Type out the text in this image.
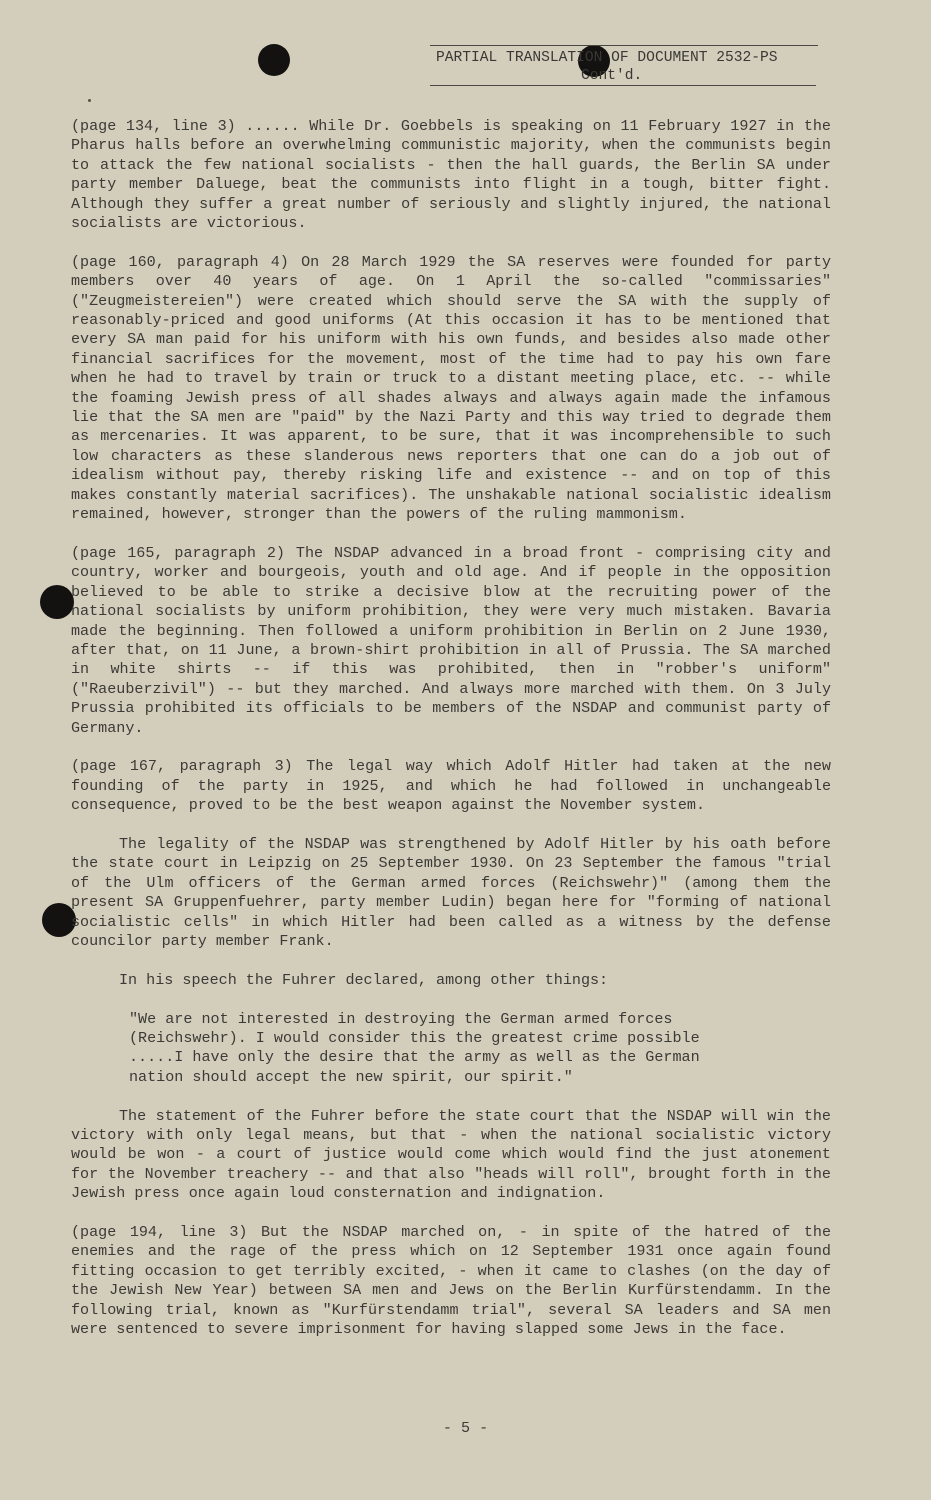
PARTIAL TRANSLATION OF DOCUMENT 2532-PS
Cont'd.

(page 134, line 3) ...... While Dr. Goebbels is speaking on 11 February 1927 in the Pharus halls before an overwhelming communistic majority, when the communists begin to attack the few national socialists - then the hall guards, the Berlin SA under party member Daluege, beat the communists into flight in a tough, bitter fight. Although they suffer a great number of seriously and slightly injured, the national socialists are victorious.

(page 160, paragraph 4) On 28 March 1929 the SA reserves were founded for party members over 40 years of age. On 1 April the so-called "commissaries" ("Zeugmeistereien") were created which should serve the SA with the supply of reasonably-priced and good uniforms (At this occasion it has to be mentioned that every SA man paid for his uniform with his own funds, and besides also made other financial sacrifices for the movement, most of the time had to pay his own fare when he had to travel by train or truck to a distant meeting place, etc. -- while the foaming Jewish press of all shades always and always again made the infamous lie that the SA men are "paid" by the Nazi Party and this way tried to degrade them as mercenaries. It was apparent, to be sure, that it was incomprehensible to such low characters as these slanderous news reporters that one can do a job out of idealism without pay, thereby risking life and existence -- and on top of this makes constantly material sacrifices). The unshakable national socialistic idealism remained, however, stronger than the powers of the ruling mammonism.

(page 165, paragraph 2) The NSDAP advanced in a broad front - comprising city and country, worker and bourgeois, youth and old age. And if people in the opposition believed to be able to strike a decisive blow at the recruiting power of the national socialists by uniform prohibition, they were very much mistaken. Bavaria made the beginning. Then followed a uniform prohibition in Berlin on 2 June 1930, after that, on 11 June, a brown-shirt prohibition in all of Prussia. The SA marched in white shirts -- if this was prohibited, then in "robber's uniform" ("Raeuberzivil") -- but they marched. And always more marched with them. On 3 July Prussia prohibited its officials to be members of the NSDAP and communist party of Germany.

(page 167, paragraph 3) The legal way which Adolf Hitler had taken at the new founding of the party in 1925, and which he had followed in unchangeable consequence, proved to be the best weapon against the November system.

The legality of the NSDAP was strengthened by Adolf Hitler by his oath before the state court in Leipzig on 25 September 1930. On 23 September the famous "trial of the Ulm officers of the German armed forces (Reichswehr)" (among them the present SA Gruppenfuehrer, party member Ludin) began here for "forming of national socialistic cells" in which Hitler had been called as a witness by the defense councilor party member Frank.

In his speech the Fuhrer declared, among other things:

"We are not interested in destroying the German armed forces (Reichswehr). I would consider this the greatest crime possible .....I have only the desire that the army as well as the German nation should accept the new spirit, our spirit."

The statement of the Fuhrer before the state court that the NSDAP will win the victory with only legal means, but that - when the national socialistic victory would be won - a court of justice would come which would find the just atonement for the November treachery -- and that also "heads will roll", brought forth in the Jewish press once again loud consternation and indignation.

(page 194, line 3) But the NSDAP marched on, - in spite of the hatred of the enemies and the rage of the press which on 12 September 1931 once again found fitting occasion to get terribly excited, - when it came to clashes (on the day of the Jewish New Year) between SA men and Jews on the Berlin Kurfürstendamm. In the following trial, known as "Kurfürstendamm trial", several SA leaders and SA men were sentenced to severe imprisonment for having slapped some Jews in the face.

- 5 -
